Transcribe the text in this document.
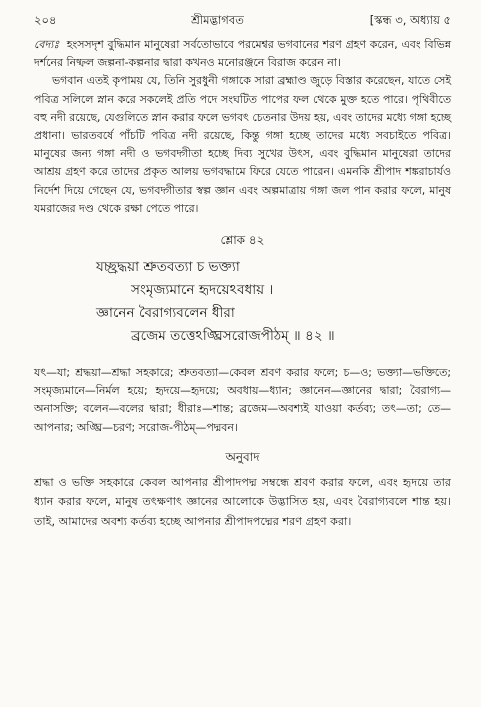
২০৪	শ্রীমদ্ভাগবত	[স্কন্ধ ৩, অধ্যায় ৫

বেদ্যঃ হংসসদৃশ বুদ্ধিমান মানুষেরা সর্বতোভাবে পরমেশ্বর ভগবানের শরণ গ্রহণ করেন, এবং বিভিন্ন দর্শনের নিষ্ফল জল্পনা-কল্পনার দ্বারা কখনও মনোরঞ্জনে বিরাজ করেন না।

ভগবান এতই কৃপাময় যে, তিনি সুরধুনী গঙ্গাকে সারা ব্রহ্মাণ্ড জুড়ে বিস্তার করেছেন, যাতে সেই পবিত্র সলিলে স্নান করে সকলেই প্রতি পদে সংঘটিত পাপের ফল থেকে মুক্ত হতে পারে। পৃথিবীতে বহু নদী রয়েছে, যেগুলিতে স্নান করার ফলে ভগবৎ চেতনার উদয় হয়, এবং তাদের মধ্যে গঙ্গা হচ্ছে প্রধানা। ভারতবর্ষে পাঁচটি পবিত্র নদী রয়েছে, কিন্তু গঙ্গা হচ্ছে তাদের মধ্যে সবচাইতে পবিত্র। মানুষের জন্য গঙ্গা নদী ও ভগবদ্গীতা হচ্ছে দিব্য সুখের উৎস, এবং বুদ্ধিমান মানুষেরা তাদের আশ্রয় গ্রহণ করে তাদের প্রকৃত আলয় ভগবদ্ধামে ফিরে যেতে পারেন। এমনকি শ্রীপাদ শঙ্করাচার্যও নির্দেশ দিয়ে গেছেন যে, ভগবদ্গীতার স্বল্প জ্ঞান এবং অল্পমাত্রায় গঙ্গা জল পান করার ফলে, মানুষ যমরাজের দণ্ড থেকে রক্ষা পেতে পারে।

শ্লোক ৪২
যচ্ছ্রদ্ধয়া শ্রুতবত্যা চ ভক্ত্যা
সংমৃজ্যমানে হৃদয়েঽবধায় ।
জ্ঞানেন বৈরাগ্যবলেন ধীরা
ব্রজেম তত্তেঽঙ্ঘ্রিসরোজপীঠম্ ॥ ৪২ ॥
যৎ—যা; শ্রদ্ধয়া—শ্রদ্ধা সহকারে; শ্রুতবত্যা—কেবল শ্রবণ করার ফলে; চ—ও; ভক্ত্যা—ভক্তিতে; সংমৃজ্যমানে—নির্মল হয়ে; হৃদয়ে—হৃদয়ে; অবধায়—ধ্যান; জ্ঞানেন—জ্ঞানের দ্বারা; বৈরাগ্য—অনাসক্তি; বলেন—বলের দ্বারা; ধীরাঃ—শান্ত; ব্রজেম—অবশ্যই যাওয়া কর্তব্য; তৎ—তা; তে—আপনার; অঙ্ঘ্রি—চরণ; সরোজ-পীঠম্—পদ্মবন।
অনুবাদ
শ্রদ্ধা ও ভক্তি সহকারে কেবল আপনার শ্রীপাদপদ্ম সম্বন্ধে শ্রবণ করার ফলে, এবং হৃদয়ে তার ধ্যান করার ফলে, মানুষ তৎক্ষণাৎ জ্ঞানের আলোকে উদ্ভাসিত হয়, এবং বৈরাগ্যবলে শান্ত হয়। তাই, আমাদের অবশ্য কর্তব্য হচ্ছে আপনার শ্রীপাদপদ্মের শরণ গ্রহণ করা।
